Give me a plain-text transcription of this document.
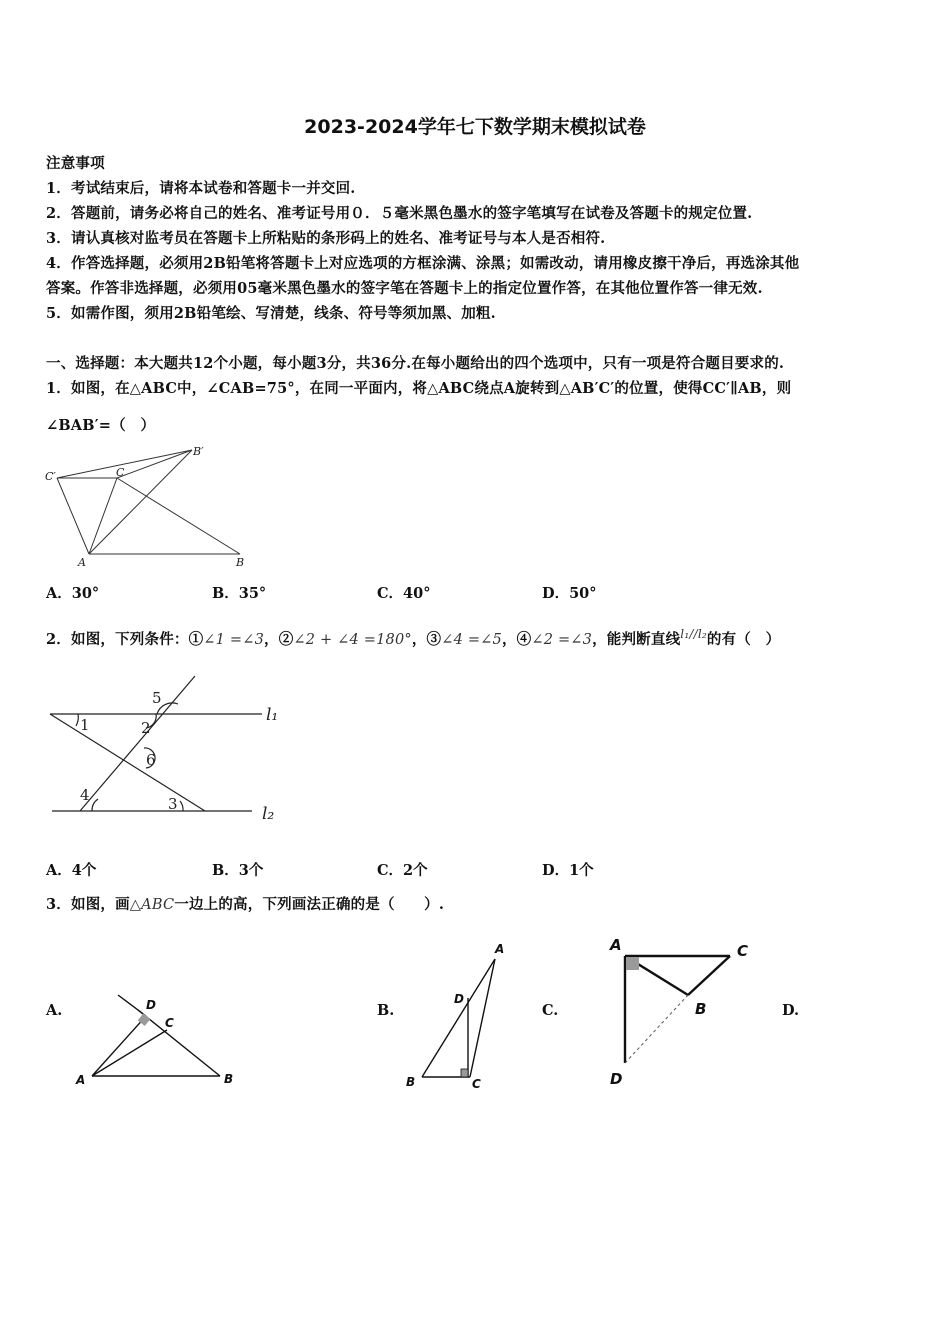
2023-2024学年七下数学期末模拟试卷
注意事项
1．考试结束后，请将本试卷和答题卡一并交回.
2．答题前，请务必将自己的姓名、准考证号用０．５毫米黑色墨水的签字笔填写在试卷及答题卡的规定位置.
3．请认真核对监考员在答题卡上所粘贴的条形码上的姓名、准考证号与本人是否相符.
4．作答选择题，必须用2B铅笔将答题卡上对应选项的方框涂满、涂黑；如需改动，请用橡皮擦干净后，再选涂其他
答案。作答非选择题，必须用05毫米黑色墨水的签字笔在答题卡上的指定位置作答，在其他位置作答一律无效.
5．如需作图，须用2B铅笔绘、写清楚，线条、符号等须加黑、加粗.
一、选择题：本大题共12个小题，每小题3分，共36分.在每小题给出的四个选项中，只有一项是符合题目要求的.
1．如图，在△ABC中，∠CAB=75°，在同一平面内，将△ABC绕点A旋转到△AB′C′的位置，使得CC′∥AB，则
∠BAB′=（　）
C′	C
B′
A	B
A．30°	B．35°	C．40°	D．50°
2．如图，下列条件：①∠1 =∠3，②∠2 + ∠4 =180°，③∠4 =∠5，④∠2 =∠3，能判断直线$^{l_1//l_2}$的有（　）
1	2
3
4
5
6
l₁
l₂
A．4个	B．3个	C．2个	D．1个
3．如图，画△ABC一边上的高，下列画法正确的是（　　）.
A.	B.	C.	D.
D
C
A	B
A
D
B	C
A	C
B
D
